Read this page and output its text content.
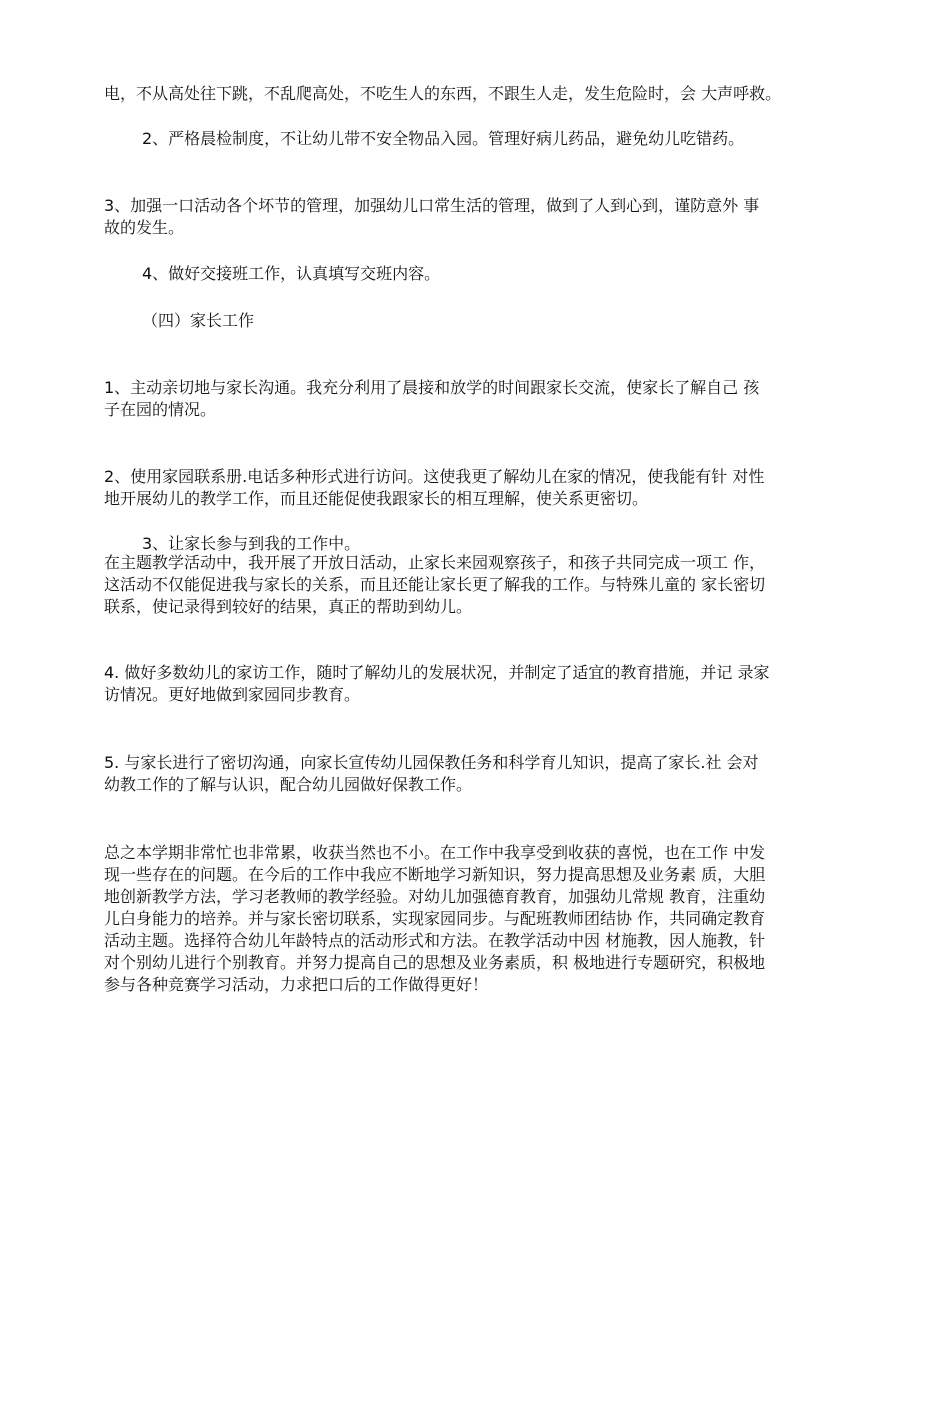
电，不从高处往下跳，不乱爬高处，不吃生人的东西，不跟生人走，发生危险时，会 大声呼救。
2、严格晨检制度，不让幼儿带不安全物品入园。管理好病儿药品，避免幼儿吃错药。
3、加强一口活动各个坏节的管理，加强幼儿口常生活的管理，做到了人到心到，谨防意外 事
故的发生。
4、做好交接班工作，认真填写交班内容。
（四）家长工作
1、主动亲切地与家长沟通。我充分利用了晨接和放学的时间跟家长交流，使家长了解自己 孩
子在园的情况。
2、使用家园联系册.电话多种形式进行访问。这使我更了解幼儿在家的情况，使我能有针 对性
地开展幼儿的教学工作，而且还能促使我跟家长的相互理解，使关系更密切。
3、让家长参与到我的工作中。
在主题教学活动中，我开展了开放日活动，止家长来园观察孩子，和孩子共同完成一项工 作，
这活动不仅能促进我与家长的关系，而且还能让家长更了解我的工作。与特殊儿童的 家长密切
联系，使记录得到较好的结果，真正的帮助到幼儿。
4. 做好多数幼儿的家访工作，随时了解幼儿的发展状况，并制定了适宜的教育措施，并记 录家
访情况。更好地做到家园同步教育。
5. 与家长进行了密切沟通，向家长宣传幼儿园保教任务和科学育儿知识，提高了家长.社 会对
幼教工作的了解与认识，配合幼儿园做好保教工作。
总之本学期非常忙也非常累，收获当然也不小。在工作中我享受到收获的喜悦，也在工作 中发
现一些存在的问题。在今后的工作中我应不断地学习新知识，努力提高思想及业务素 质，大胆
地创新教学方法，学习老教师的教学经验。对幼儿加强德育教育，加强幼儿常规 教育，注重幼
儿白身能力的培养。并与家长密切联系，实现家园同步。与配班教师团结协 作，共同确定教育
活动主题。选择符合幼儿年龄特点的活动形式和方法。在教学活动中因 材施教，因人施教，针
对个别幼儿进行个别教育。并努力提高自己的思想及业务素质，积 极地进行专题研究，积极地
参与各种竞赛学习活动，力求把口后的工作做得更好！
